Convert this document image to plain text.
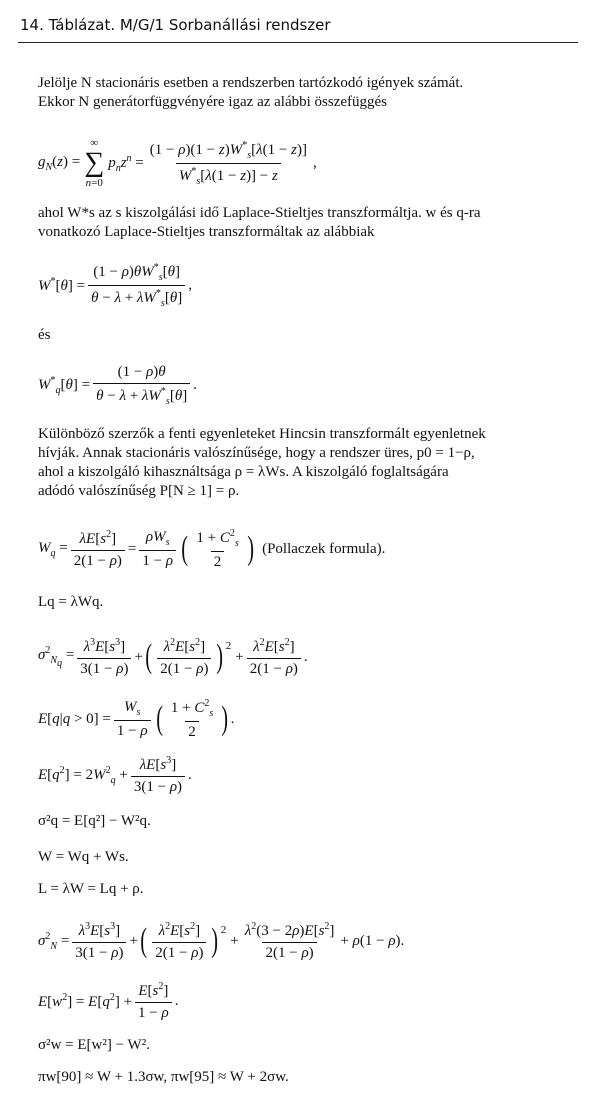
14. Táblázat. M/G/1 Sorbanállási rendszer
Jelölje N stacionáris esetben a rendszerben tartózkodó igények számát.
Ekkor N generátorfüggvényére igaz az alábbi összefüggés
$g_N(z)$ =
∞
∑
n=0
$p_nz^n = \frac{(1 - \rho)(1 - z)W^*_s[\lambda(1 - z)]}{W^*_s[\lambda(1 - z)] - z}$ ,
ahol W*s az s kiszolgálási idő Laplace-Stieltjes transzformáltja. w és q-ra
vonatkozó Laplace-Stieltjes transzformáltak az alábbiak
$W^*[\theta] = \frac{(1 - \rho)\theta W^*_s[\theta]}{\theta - \lambda + \lambda W^*_s[\theta]}$ ,
és
$W^*_q[\theta] = \frac{(1 - \rho)\theta}{\theta - \lambda + \lambda W^*_s[\theta]}$ .
Különböző szerzők a fenti egyenleteket Hincsin transzformált egyenletnek
hívják. Annak stacionáris valószínűsége, hogy a rendszer üres, p0 = 1−ρ,
ahol a kiszolgáló kihasználtsága ρ = λWs. A kiszolgáló foglaltságára
adódó valószínűség P[N ≥ 1] = ρ.
$W_q = \frac{\lambda E[s^2]}{2(1 - \rho)} = \frac{\rho W_s}{1 - \rho}$ ( $\frac{1 + C^2_s}{2}$ ) (Pollaczek formula).
Lq = λWq.
$\sigma^2_{N_q} = \frac{\lambda^3E[s^3]}{3(1 - \rho)}$ + ( $\frac{\lambda^2E[s^2]}{2(1 - \rho)}$ ) 2
+ $\frac{\lambda^2E[s^2]}{2(1 - \rho)}$ .
$E[q|q > 0] = \frac{W_s}{1 - \rho}$ ( $\frac{1 + C^2_s}{2}$ ) .
$E[q^2] = 2W^2_q + \frac{\lambda E[s^3]}{3(1 - \rho)}$ .
σ²q = E[q²] − W²q.
W = Wq + Ws.
L = λW = Lq + ρ.
$\sigma^2_N = \frac{\lambda^3E[s^3]}{3(1 - \rho)}$ + ( $\frac{\lambda^2E[s^2]}{2(1 - \rho)}$ ) 2
+ $\frac{\lambda^2(3 - 2\rho)E[s^2]}{2(1 - \rho)} + \rho(1 - \rho)$.
$E[w^2] = E[q^2] + \frac{E[s^2]}{1 - \rho}$ .
σ²w = E[w²] − W².
πw[90] ≈ W + 1.3σw, πw[95] ≈ W + 2σw.
